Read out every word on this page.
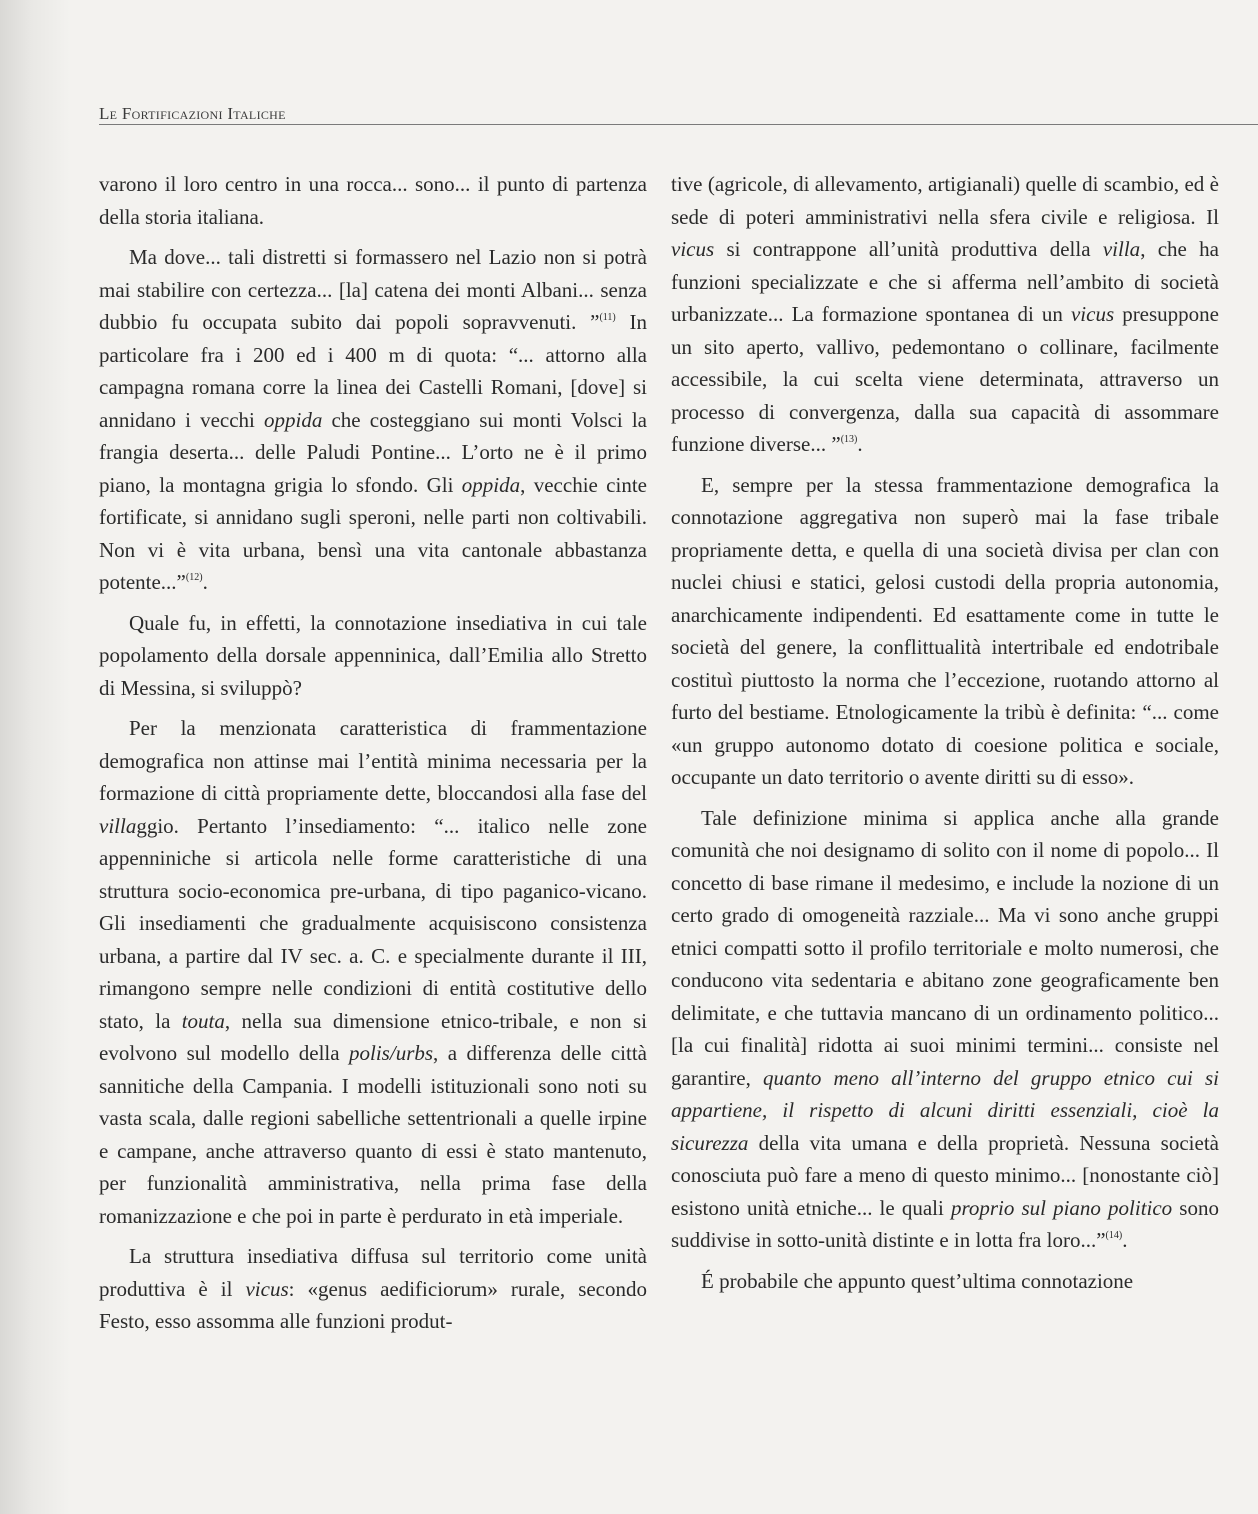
Le Fortificazioni Italiche

varono il loro centro in una rocca... sono... il punto di partenza della storia italiana.

Ma dove... tali distretti si formassero nel Lazio non si potrà mai stabilire con certezza... [la] catena dei monti Albani... senza dubbio fu occupata subito dai popoli sopravvenuti. ”$^{(11)}$ In particolare fra i 200 ed i 400 m di quota: “... attorno alla campagna romana corre la linea dei Castelli Romani, [dove] si annidano i vecchi oppida che costeggiano sui monti Volsci la frangia deserta... delle Paludi Pontine... L’orto ne è il primo piano, la montagna grigia lo sfondo. Gli oppida, vecchie cinte fortificate, si annidano sugli speroni, nelle parti non coltivabili. Non vi è vita urbana, bensì una vita cantonale abbastanza potente...”$^{(12)}$.

Quale fu, in effetti, la connotazione insediativa in cui tale popolamento della dorsale appenninica, dall’Emilia allo Stretto di Messina, si sviluppò?

Per la menzionata caratteristica di frammentazione demografica non attinse mai l’entità minima necessaria per la formazione di città propriamente dette, bloccandosi alla fase del villaggio. Pertanto l’insediamento: “... italico nelle zone appenniniche si articola nelle forme caratteristiche di una struttura socio-economica pre-urbana, di tipo paganico-vicano. Gli insediamenti che gradualmente acquisiscono consistenza urbana, a partire dal IV sec. a. C. e specialmente durante il III, rimangono sempre nelle condizioni di entità costitutive dello stato, la touta, nella sua dimensione etnico-tribale, e non si evolvono sul modello della polis/urbs, a differenza delle città sannitiche della Campania. I modelli istituzionali sono noti su vasta scala, dalle regioni sabelliche settentrionali a quelle irpine e campane, anche attraverso quanto di essi è stato mantenuto, per funzionalità amministrativa, nella prima fase della romanizzazione e che poi in parte è perdurato in età imperiale.

La struttura insediativa diffusa sul territorio come unità produttiva è il vicus: «genus aedificiorum» rurale, secondo Festo, esso assomma alle funzioni produt-

tive (agricole, di allevamento, artigianali) quelle di scambio, ed è sede di poteri amministrativi nella sfera civile e religiosa. Il vicus si contrappone all’unità produttiva della villa, che ha funzioni specializzate e che si afferma nell’ambito di società urbanizzate... La formazione spontanea di un vicus presuppone un sito aperto, vallivo, pedemontano o collinare, facilmente accessibile, la cui scelta viene determinata, attraverso un processo di convergenza, dalla sua capacità di assommare funzione diverse... ”$^{(13)}$.

E, sempre per la stessa frammentazione demografica la connotazione aggregativa non superò mai la fase tribale propriamente detta, e quella di una società divisa per clan con nuclei chiusi e statici, gelosi custodi della propria autonomia, anarchicamente indipendenti. Ed esattamente come in tutte le società del genere, la conflittualità intertribale ed endotribale costituì piuttosto la norma che l’eccezione, ruotando attorno al furto del bestiame. Etnologicamente la tribù è definita: “... come «un gruppo autonomo dotato di coesione politica e sociale, occupante un dato territorio o avente diritti su di esso».

Tale definizione minima si applica anche alla grande comunità che noi designamo di solito con il nome di popolo... Il concetto di base rimane il medesimo, e include la nozione di un certo grado di omogeneità razziale... Ma vi sono anche gruppi etnici compatti sotto il profilo territoriale e molto numerosi, che conducono vita sedentaria e abitano zone geograficamente ben delimitate, e che tuttavia mancano di un ordinamento politico... [la cui finalità] ridotta ai suoi minimi termini... consiste nel garantire, quanto meno all’interno del gruppo etnico cui si appartiene, il rispetto di alcuni diritti essenziali, cioè la sicurezza della vita umana e della proprietà. Nessuna società conosciuta può fare a meno di questo minimo... [nonostante ciò] esistono unità etniche... le quali proprio sul piano politico sono suddivise in sotto-unità distinte e in lotta fra loro...”$^{(14)}$.

É probabile che appunto quest’ultima connotazione
